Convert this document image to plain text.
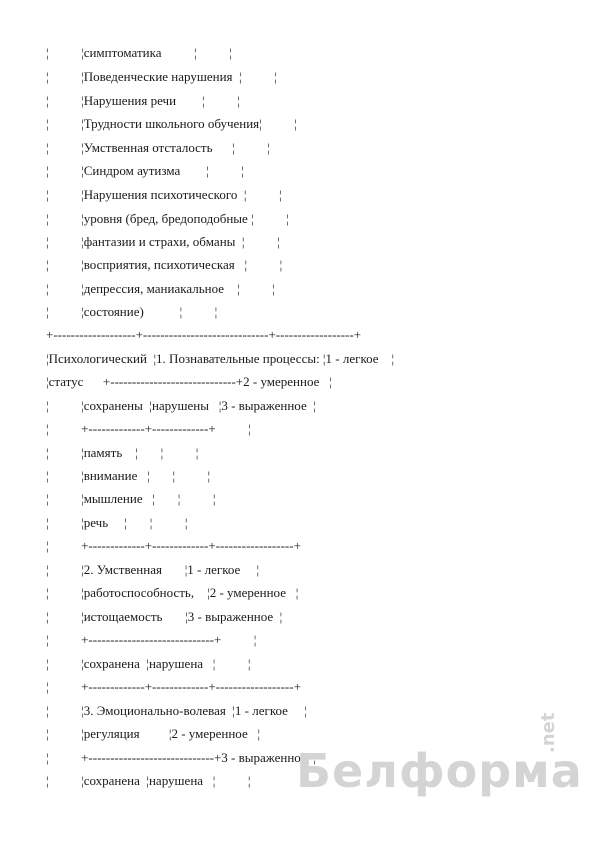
¦          ¦симптоматика          ¦          ¦
¦          ¦Поведенческие нарушения  ¦          ¦
¦          ¦Нарушения речи        ¦          ¦
¦          ¦Трудности школьного обучения¦          ¦
¦          ¦Умственная отсталость      ¦          ¦
¦          ¦Синдром аутизма        ¦          ¦
¦          ¦Нарушения психотического  ¦          ¦
¦          ¦уровня (бред, бредоподобные ¦          ¦
¦          ¦фантазии и страхи, обманы  ¦          ¦
¦          ¦восприятия, психотическая   ¦          ¦
¦          ¦депрессия, маниакальное    ¦          ¦
¦          ¦состояние)           ¦          ¦
+-------------------+-----------------------------+------------------+
¦Психологический  ¦1. Познавательные процессы: ¦1 - легкое    ¦
¦статус      +-----------------------------+2 - умеренное   ¦
¦          ¦сохранены  ¦нарушены   ¦3 - выраженное  ¦
¦          +-------------+-------------+          ¦
¦          ¦память    ¦       ¦          ¦
¦          ¦внимание   ¦       ¦          ¦
¦          ¦мышление   ¦       ¦          ¦
¦          ¦речь     ¦       ¦          ¦
¦          +-------------+-------------+------------------+
¦          ¦2. Умственная       ¦1 - легкое     ¦
¦          ¦работоспособность,    ¦2 - умеренное   ¦
¦          ¦истощаемость       ¦3 - выраженное  ¦
¦          +-----------------------------+          ¦
¦          ¦сохранена  ¦нарушена   ¦          ¦
¦          +-------------+-------------+------------------+
¦          ¦3. Эмоционально-волевая  ¦1 - легкое     ¦
¦          ¦регуляция         ¦2 - умеренное   ¦
¦          +-----------------------------+3 - выраженное  ¦
¦          ¦сохранена  ¦нарушена   ¦          ¦ Белформа
.net
